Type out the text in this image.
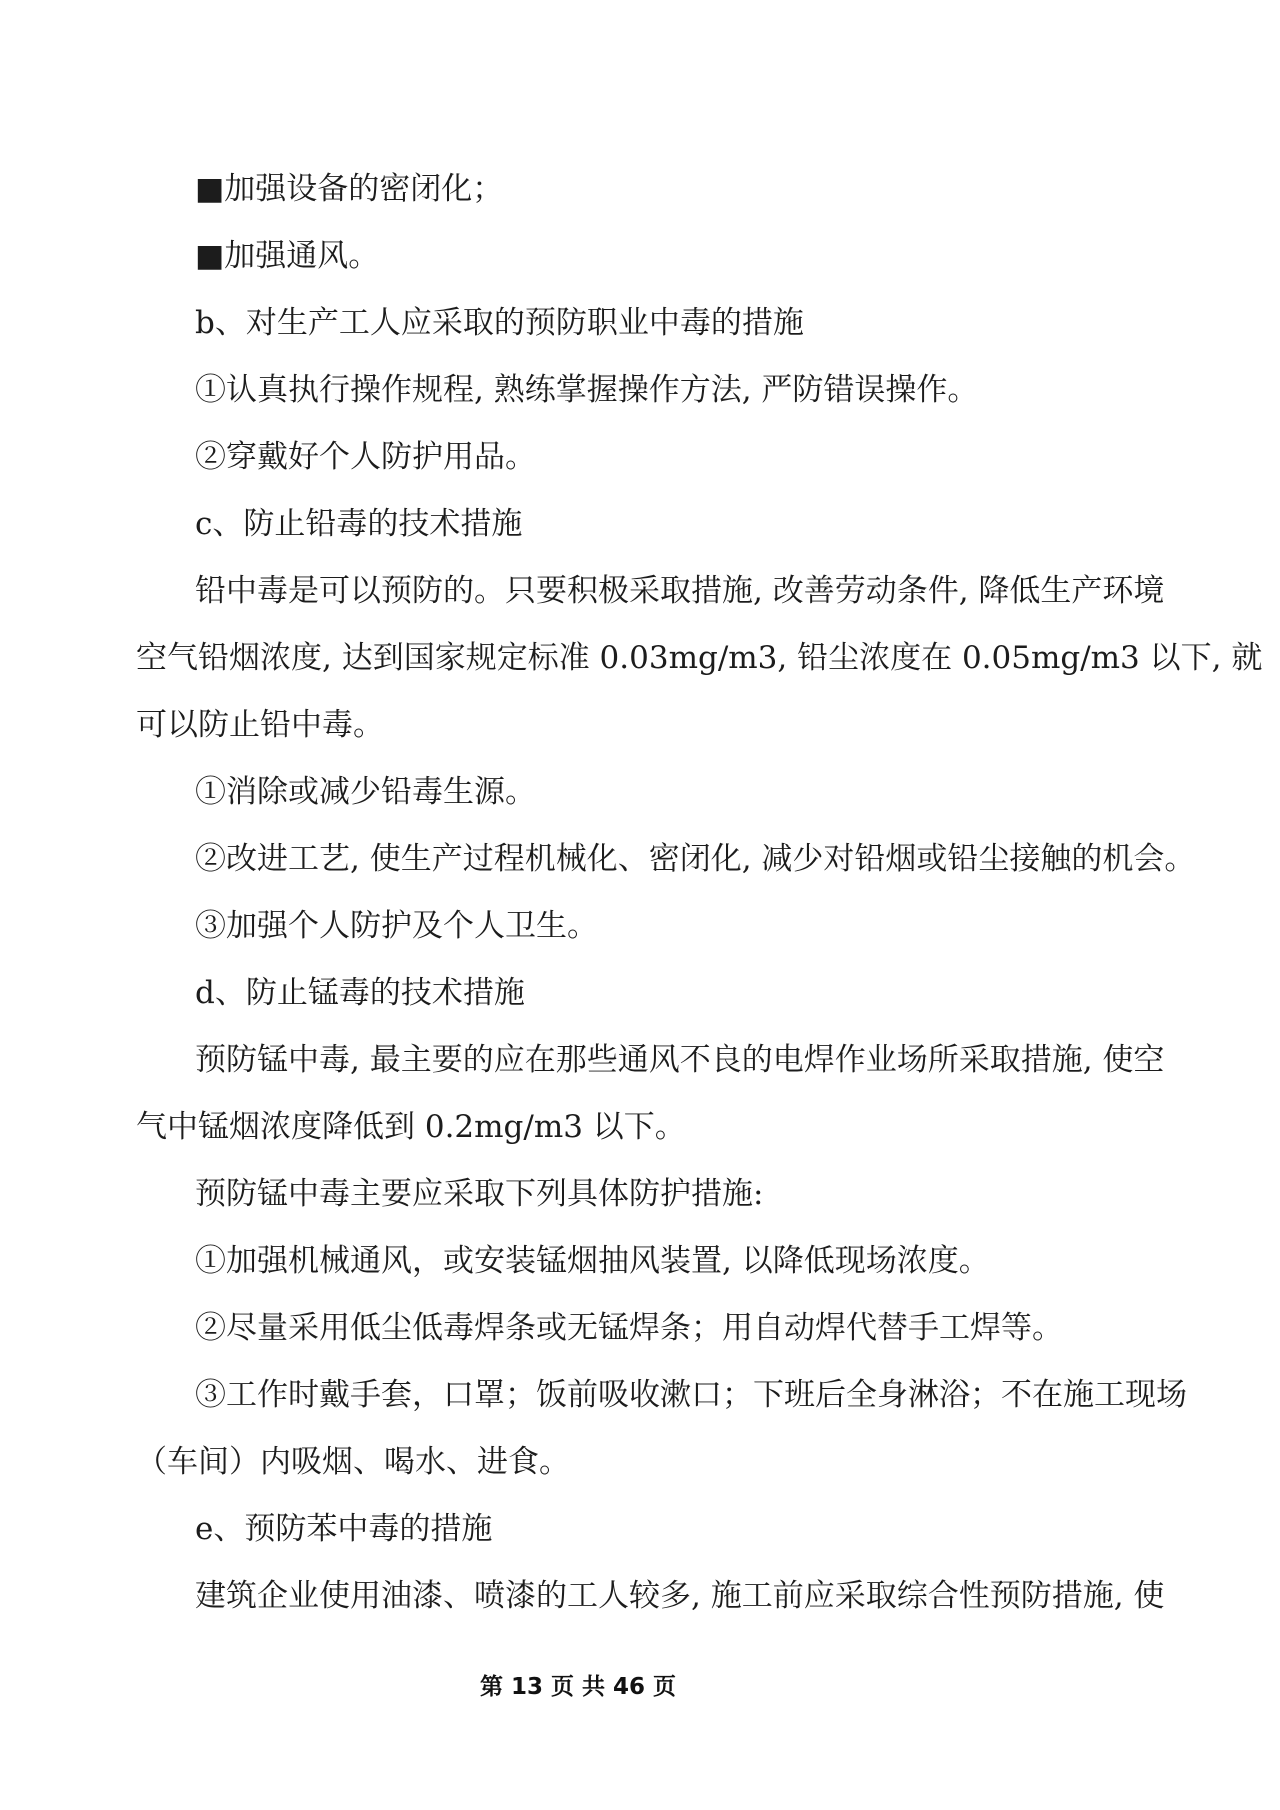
■加强设备的密闭化；
■加强通风。
b、对生产工人应采取的预防职业中毒的措施
①认真执行操作规程, 熟练掌握操作方法, 严防错误操作。
②穿戴好个人防护用品。
c、防止铅毒的技术措施
铅中毒是可以预防的。只要积极采取措施, 改善劳动条件, 降低生产环境
空气铅烟浓度, 达到国家规定标准 0.03mg/m3, 铅尘浓度在 0.05mg/m3 以下, 就
可以防止铅中毒。
①消除或减少铅毒生源。
②改进工艺, 使生产过程机械化、密闭化, 减少对铅烟或铅尘接触的机会。
③加强个人防护及个人卫生。
d、防止锰毒的技术措施
预防锰中毒, 最主要的应在那些通风不良的电焊作业场所采取措施, 使空
气中锰烟浓度降低到 0.2mg/m3 以下。
预防锰中毒主要应采取下列具体防护措施:
①加强机械通风，或安装锰烟抽风装置, 以降低现场浓度。
②尽量采用低尘低毒焊条或无锰焊条；用自动焊代替手工焊等。
③工作时戴手套，口罩；饭前吸收漱口；下班后全身淋浴；不在施工现场
（车间）内吸烟、喝水、进食。
e、预防苯中毒的措施
建筑企业使用油漆、喷漆的工人较多, 施工前应采取综合性预防措施, 使
第 13 页 共 46 页
